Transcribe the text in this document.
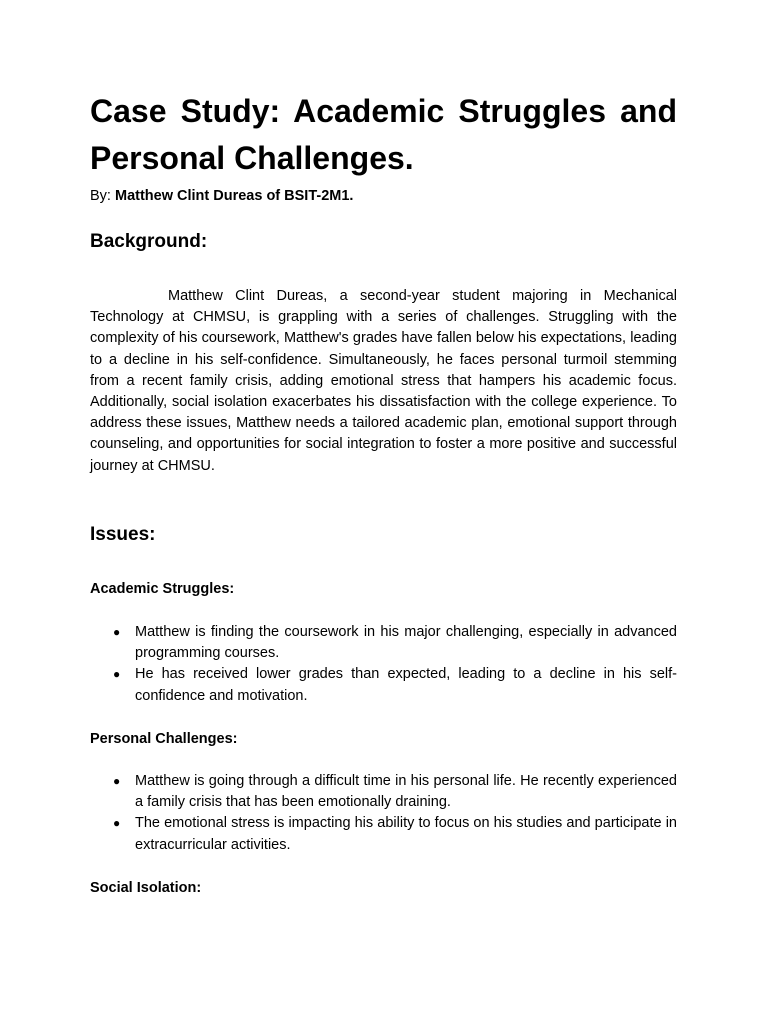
Case Study: Academic Struggles and Personal Challenges.

By: Matthew Clint Dureas of BSIT-2M1.

Background:

Matthew Clint Dureas, a second-year student majoring in Mechanical Technology at CHMSU, is grappling with a series of challenges. Struggling with the complexity of his coursework, Matthew's grades have fallen below his expectations, leading to a decline in his self-confidence. Simultaneously, he faces personal turmoil stemming from a recent family crisis, adding emotional stress that hampers his academic focus. Additionally, social isolation exacerbates his dissatisfaction with the college experience. To address these issues, Matthew needs a tailored academic plan, emotional support through counseling, and opportunities for social integration to foster a more positive and successful journey at CHMSU.

Issues:
Academic Struggles:
● Matthew is finding the coursework in his major challenging, especially in advanced programming courses.
● He has received lower grades than expected, leading to a decline in his self-confidence and motivation.
Personal Challenges:
● Matthew is going through a difficult time in his personal life. He recently experienced a family crisis that has been emotionally draining.
● The emotional stress is impacting his ability to focus on his studies and participate in extracurricular activities.
Social Isolation:
